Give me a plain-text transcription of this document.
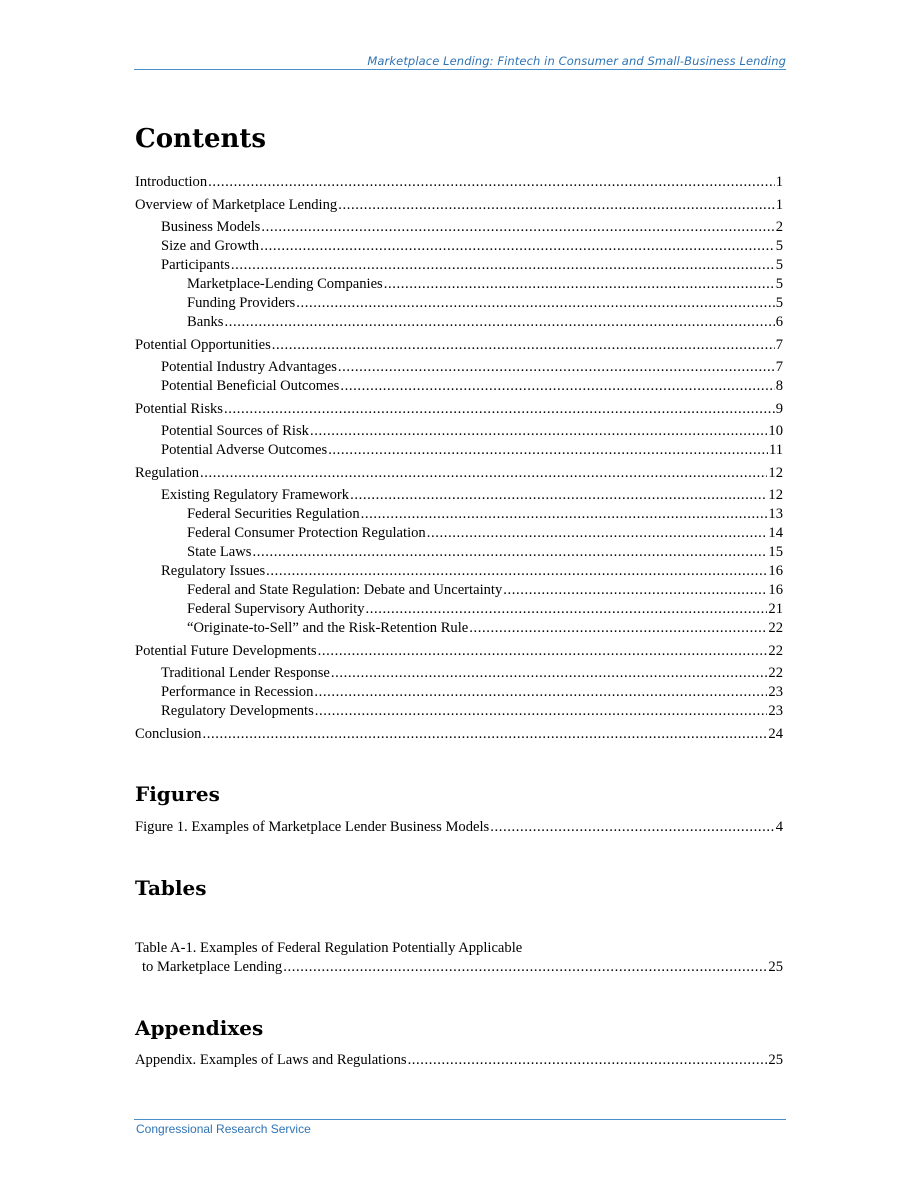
Marketplace Lending: Fintech in Consumer and Small-Business Lending
Contents
Introduction .....	1
Overview of Marketplace Lending .....	1
Business Models .....	2
Size and Growth .....	5
Participants .....	5
Marketplace-Lending Companies .....	5
Funding Providers .....	5
Banks .....	6
Potential Opportunities .....	7
Potential Industry Advantages .....	7
Potential Beneficial Outcomes .....	8
Potential Risks .....	9
Potential Sources of Risk .....	10
Potential Adverse Outcomes .....	11
Regulation .....	12
Existing Regulatory Framework .....	12
Federal Securities Regulation .....	13
Federal Consumer Protection Regulation .....	14
State Laws .....	15
Regulatory Issues .....	16
Federal and State Regulation: Debate and Uncertainty .....	16
Federal Supervisory Authority .....	21
“Originate-to-Sell” and the Risk-Retention Rule .....	22
Potential Future Developments .....	22
Traditional Lender Response .....	22
Performance in Recession .....	23
Regulatory Developments .....	23
Conclusion .....	24
Figures
Figure 1. Examples of Marketplace Lender Business Models .....	4
Tables
Table A-1. Examples of Federal Regulation Potentially Applicable
to Marketplace Lending .....	25
Appendixes
Appendix. Examples of Laws and Regulations .....	25
Congressional Research Service
